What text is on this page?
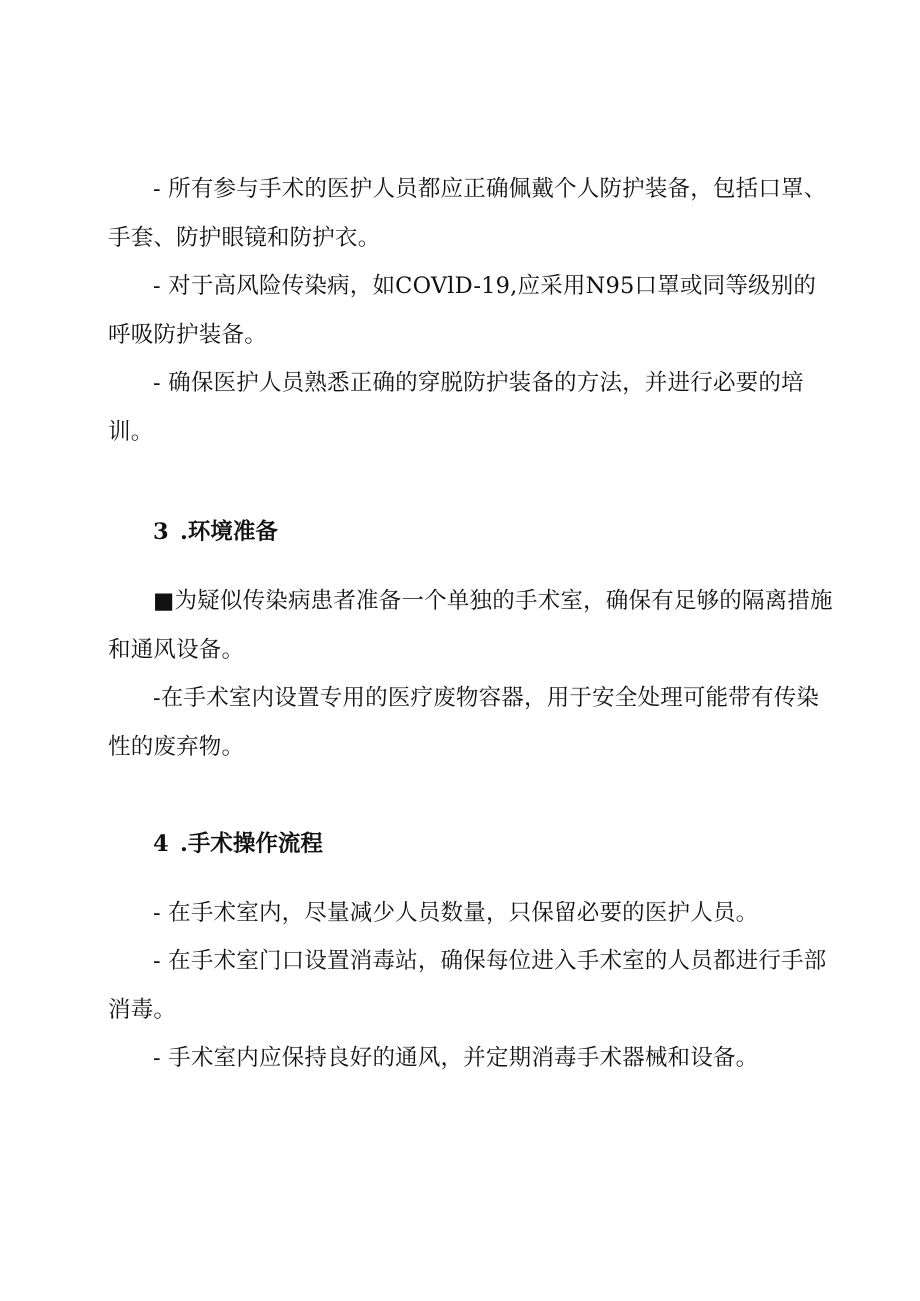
- 所有参与手术的医护人员都应正确佩戴个人防护装备，包括口罩、手套、防护眼镜和防护衣。

- 对于高风险传染病，如COVlD-19,应采用N95口罩或同等级别的呼吸防护装备。

- 确保医护人员熟悉正确的穿脱防护装备的方法，并进行必要的培训。

3 .环境准备

■为疑似传染病患者准备一个单独的手术室，确保有足够的隔离措施和通风设备。

-在手术室内设置专用的医疗废物容器，用于安全处理可能带有传染性的废弃物。

4 .手术操作流程

- 在手术室内，尽量减少人员数量，只保留必要的医护人员。

- 在手术室门口设置消毒站，确保每位进入手术室的人员都进行手部消毒。

- 手术室内应保持良好的通风，并定期消毒手术器械和设备。
